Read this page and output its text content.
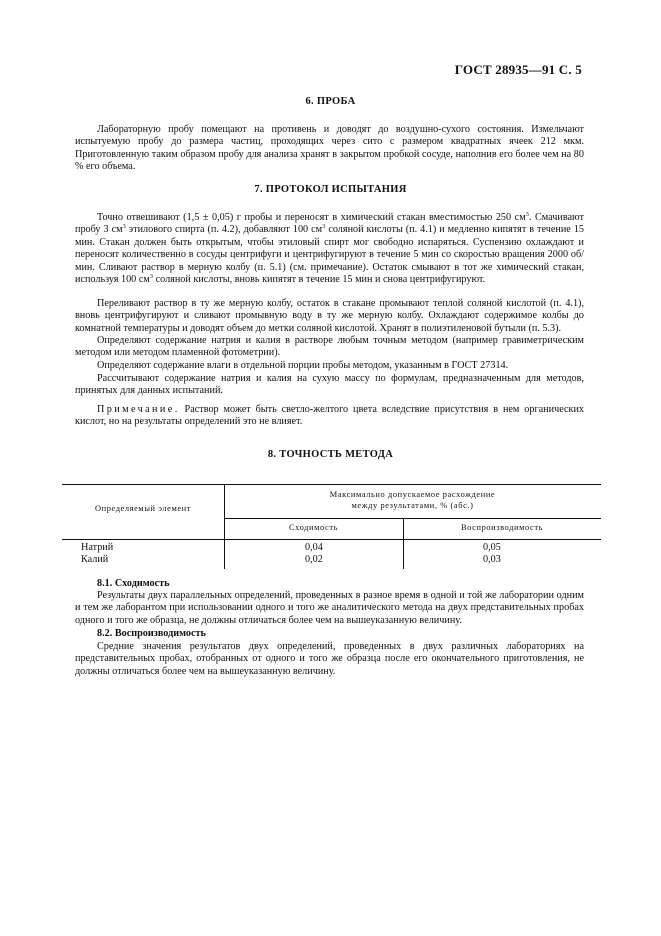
ГОСТ 28935—91 С. 5
6. ПРОБА
Лабораторную пробу помещают на противень и доводят до воздушно-сухого состояния. Измельчают испытуемую пробу до размера частиц, проходящих через сито с размером квадратных ячеек 212 мкм. Приготовленную таким образом пробу для анализа хранят в закрытом пробкой сосуде, наполнив его более чем на 80 % его объема.
7. ПРОТОКОЛ ИСПЫТАНИЯ
Точно отвешивают (1,5 ± 0,05) г пробы и переносят в химический стакан вместимостью 250 $см^3$. Смачивают пробу 3 $см^3$ этилового спирта (п. 4.2), добавляют 100 $см^3$ соляной кислоты (п. 4.1) и медленно кипятят в течение 15 мин. Стакан должен быть открытым, чтобы этиловый спирт мог свободно испаряться. Суспензию охлаждают и переносят количественно в сосуды центрифуги и центрифугируют в течение 5 мин со скоростью вращения 2000 об/мин. Сливают раствор в мерную колбу (п. 5.1) (см. примечание). Остаток смывают в тот же химический стакан, используя 100 $см^3$ соляной кислоты, вновь кипятят в течение 15 мин и снова центрифугируют.
Переливают раствор в ту же мерную колбу, остаток в стакане промывают теплой соляной кислотой (п. 4.1), вновь центрифугируют и сливают промывную воду в ту же мерную колбу. Охлаждают содержимое колбы до комнатной температуры и доводят объем до метки соляной кислотой. Хранят в полиэтиленовой бутыли (п. 5.3).
Определяют содержание натрия и калия в растворе любым точным методом (например гравиметрическим методом или методом пламенной фотометрии).
Определяют содержание влаги в отдельной порции пробы методом, указанным в ГОСТ 27314.
Рассчитывают содержание натрия и калия на сухую массу по формулам, предназначенным для методов, принятых для данных испытаний.
Примечание. Раствор может быть светло-желтого цвета вследствие присутствия в нем органических кислот, но на результаты определений это не влияет.
8. ТОЧНОСТЬ МЕТОДА
Определяемый элемент
Максимально допускаемое расхождение
между результатами, % (абс.)
Сходимость	Воспроизводимость
Натрий	0,04	0,05
Калий	0,02	0,03
8.1. Сходимость
Результаты двух параллельных определений, проведенных в разное время в одной и той же лаборатории одним и тем же лаборантом при использовании одного и того же аналитического метода на двух представительных пробах одного и того же образца, не должны отличаться более чем на вышеуказанную величину.
8.2. Воспроизводимость
Средние значения результатов двух определений, проведенных в двух различных лабораториях на представительных пробах, отобранных от одного и того же образца после его окончательного приготовления, не должны отличаться более чем на вышеуказанную величину.
